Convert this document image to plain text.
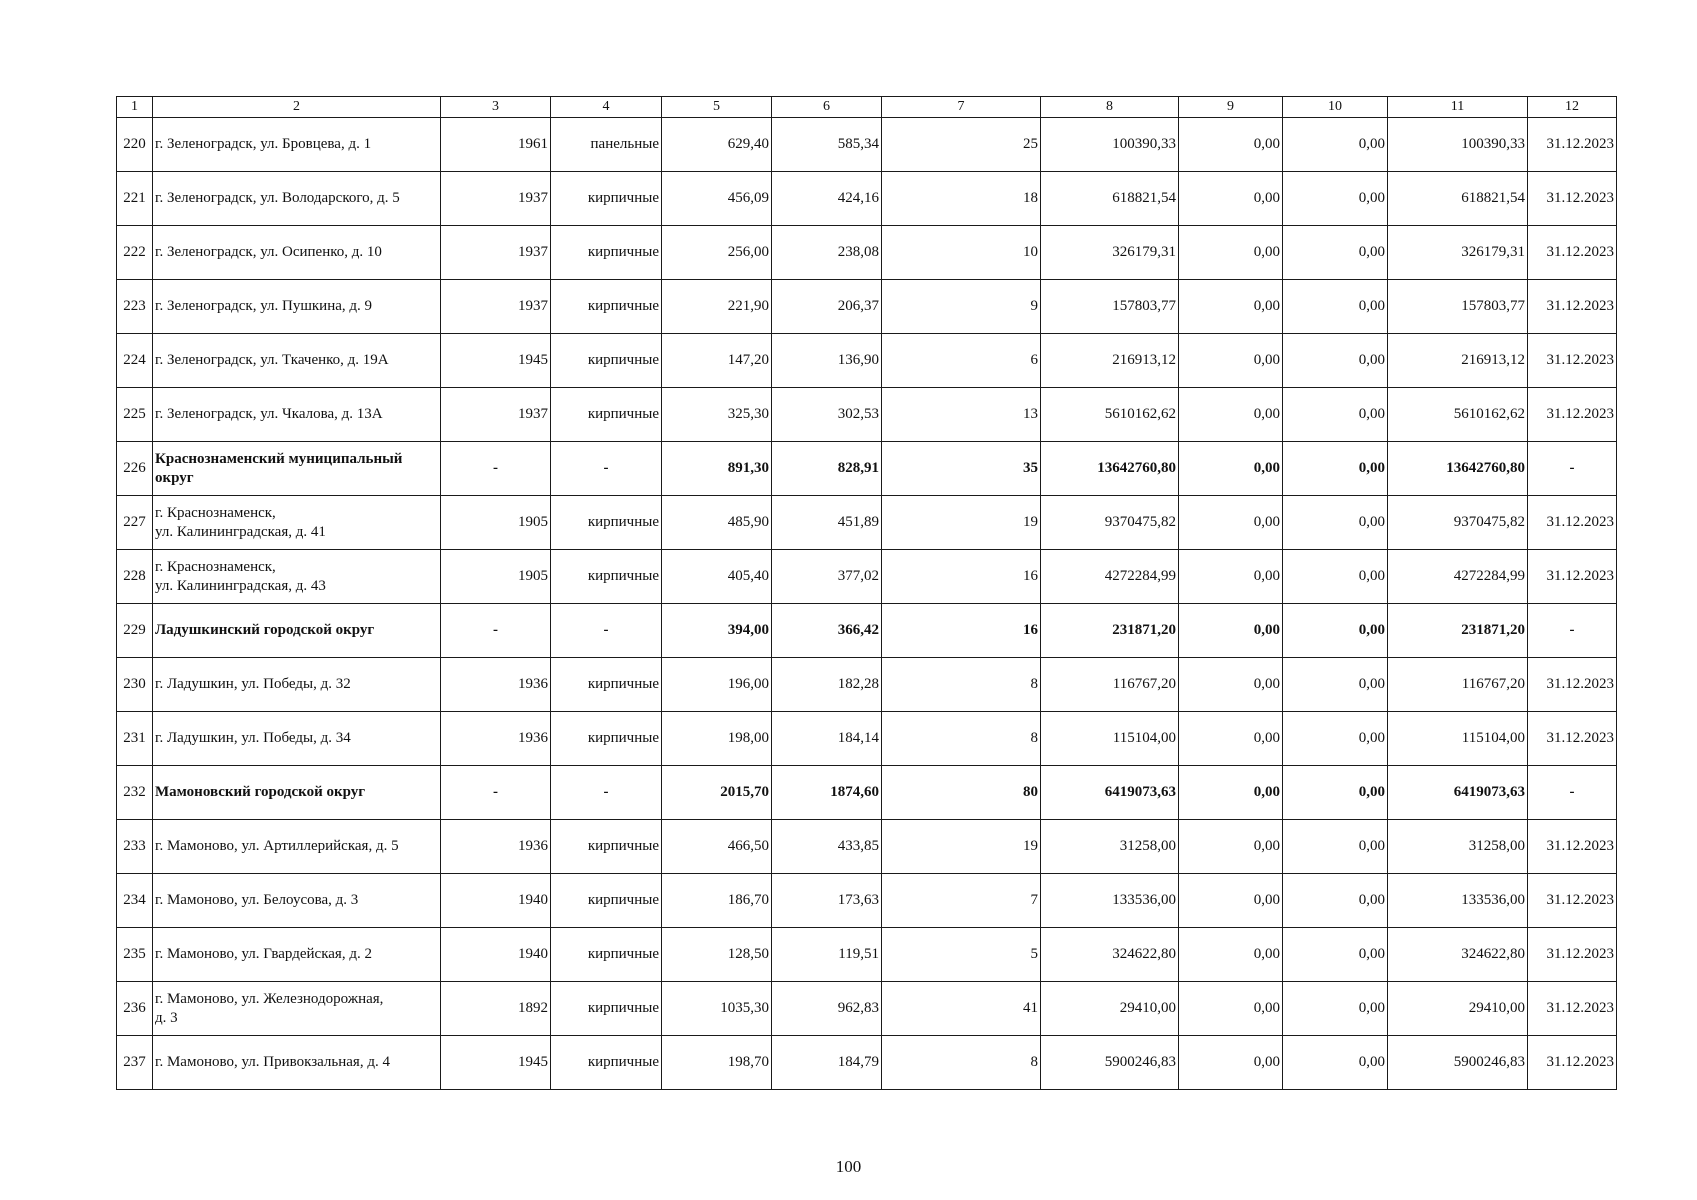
1	2	3	4	5	6	7	8	9	10	11	12
220	г. Зеленоградск, ул. Бровцева, д. 1	1961	панельные	629,40	585,34	25	100390,33	0,00	0,00	100390,33	31.12.2023
221	г. Зеленоградск, ул. Володарского, д. 5	1937	кирпичные	456,09	424,16	18	618821,54	0,00	0,00	618821,54	31.12.2023
222	г. Зеленоградск, ул. Осипенко, д. 10	1937	кирпичные	256,00	238,08	10	326179,31	0,00	0,00	326179,31	31.12.2023
223	г. Зеленоградск, ул. Пушкина, д. 9	1937	кирпичные	221,90	206,37	9	157803,77	0,00	0,00	157803,77	31.12.2023
224	г. Зеленоградск, ул. Ткаченко, д. 19А	1945	кирпичные	147,20	136,90	6	216913,12	0,00	0,00	216913,12	31.12.2023
225	г. Зеленоградск, ул. Чкалова, д. 13А	1937	кирпичные	325,30	302,53	13	5610162,62	0,00	0,00	5610162,62	31.12.2023
226	Краснознаменский муниципальный округ	-	-	891,30	828,91	35	13642760,80	0,00	0,00	13642760,80	-
227	г. Краснознаменск,
ул. Калининградская, д. 41	1905	кирпичные	485,90	451,89	19	9370475,82	0,00	0,00	9370475,82	31.12.2023
228	г. Краснознаменск,
ул. Калининградская, д. 43	1905	кирпичные	405,40	377,02	16	4272284,99	0,00	0,00	4272284,99	31.12.2023
229	Ладушкинский городской округ	-	-	394,00	366,42	16	231871,20	0,00	0,00	231871,20	-
230	г. Ладушкин, ул. Победы, д. 32	1936	кирпичные	196,00	182,28	8	116767,20	0,00	0,00	116767,20	31.12.2023
231	г. Ладушкин, ул. Победы, д. 34	1936	кирпичные	198,00	184,14	8	115104,00	0,00	0,00	115104,00	31.12.2023
232	Мамоновский городской округ	-	-	2015,70	1874,60	80	6419073,63	0,00	0,00	6419073,63	-
233	г. Мамоново, ул. Артиллерийская, д. 5	1936	кирпичные	466,50	433,85	19	31258,00	0,00	0,00	31258,00	31.12.2023
234	г. Мамоново, ул. Белоусова, д. 3	1940	кирпичные	186,70	173,63	7	133536,00	0,00	0,00	133536,00	31.12.2023
235	г. Мамоново, ул. Гвардейская, д. 2	1940	кирпичные	128,50	119,51	5	324622,80	0,00	0,00	324622,80	31.12.2023
236	г. Мамоново, ул. Железнодорожная,
д. 3	1892	кирпичные	1035,30	962,83	41	29410,00	0,00	0,00	29410,00	31.12.2023
237	г. Мамоново, ул. Привокзальная, д. 4	1945	кирпичные	198,70	184,79	8	5900246,83	0,00	0,00	5900246,83	31.12.2023
100
